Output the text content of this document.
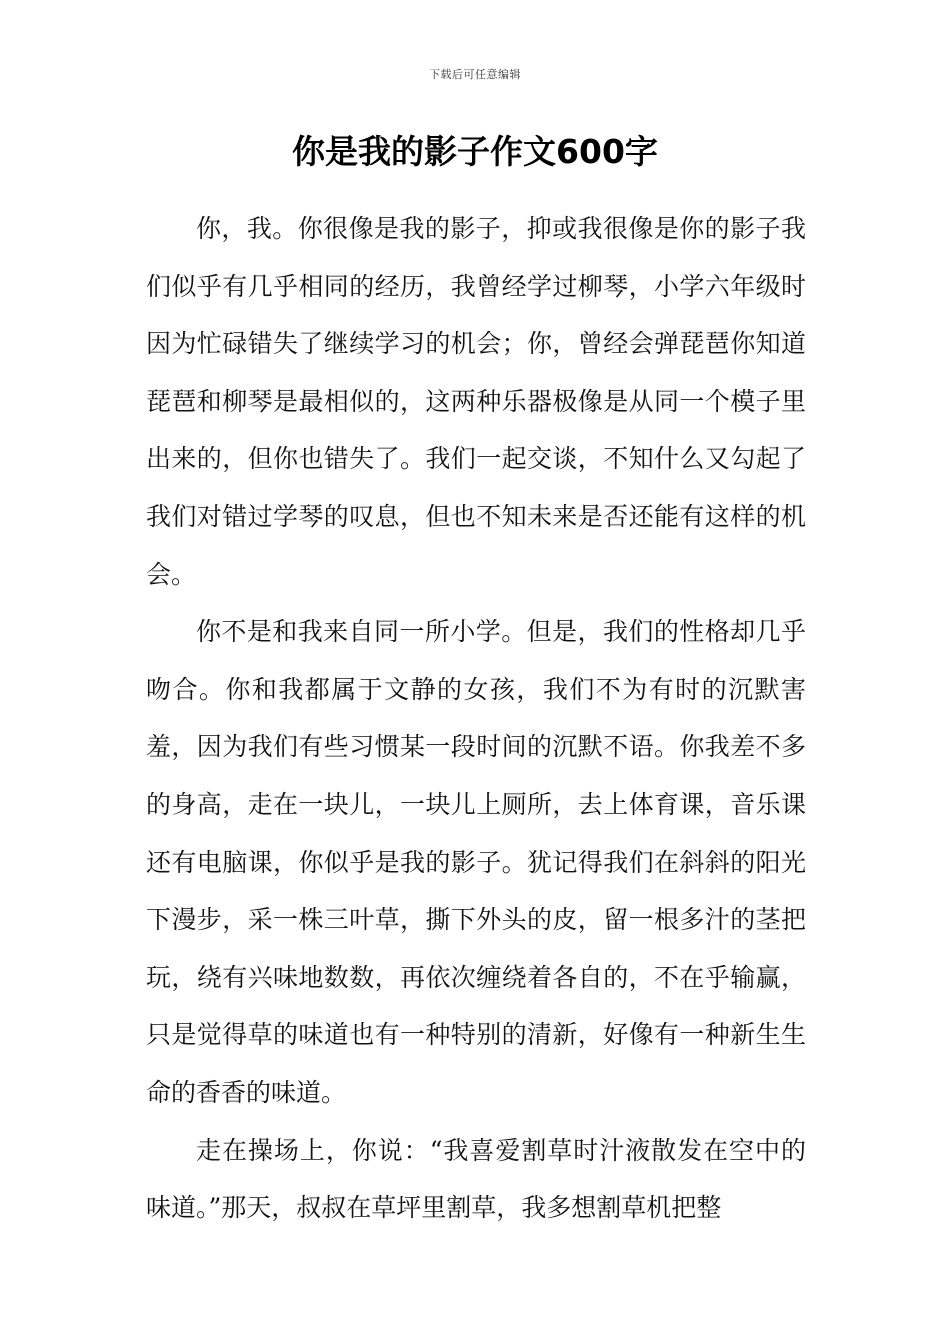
下载后可任意编辑
你是我的影子作文600字

你，我。你很像是我的影子，抑或我很像是你的影子我们似乎有几乎相同的经历，我曾经学过柳琴，小学六年级时因为忙碌错失了继续学习的机会；你，曾经会弹琵琶你知道琵琶和柳琴是最相似的，这两种乐器极像是从同一个模子里出来的，但你也错失了。我们一起交谈，不知什么又勾起了我们对错过学琴的叹息，但也不知未来是否还能有这样的机会。

你不是和我来自同一所小学。但是，我们的性格却几乎吻合。你和我都属于文静的女孩，我们不为有时的沉默害羞，因为我们有些习惯某一段时间的沉默不语。你我差不多的身高，走在一块儿，一块儿上厕所，去上体育课，音乐课还有电脑课，你似乎是我的影子。犹记得我们在斜斜的阳光下漫步，采一株三叶草，撕下外头的皮，留一根多汁的茎把玩，绕有兴味地数数，再依次缠绕着各自的，不在乎输赢，只是觉得草的味道也有一种特别的清新，好像有一种新生生命的香香的味道。

走在操场上，你说：“我喜爱割草时汁液散发在空中的味道。”那天，叔叔在草坪里割草，我多想割草机把整
